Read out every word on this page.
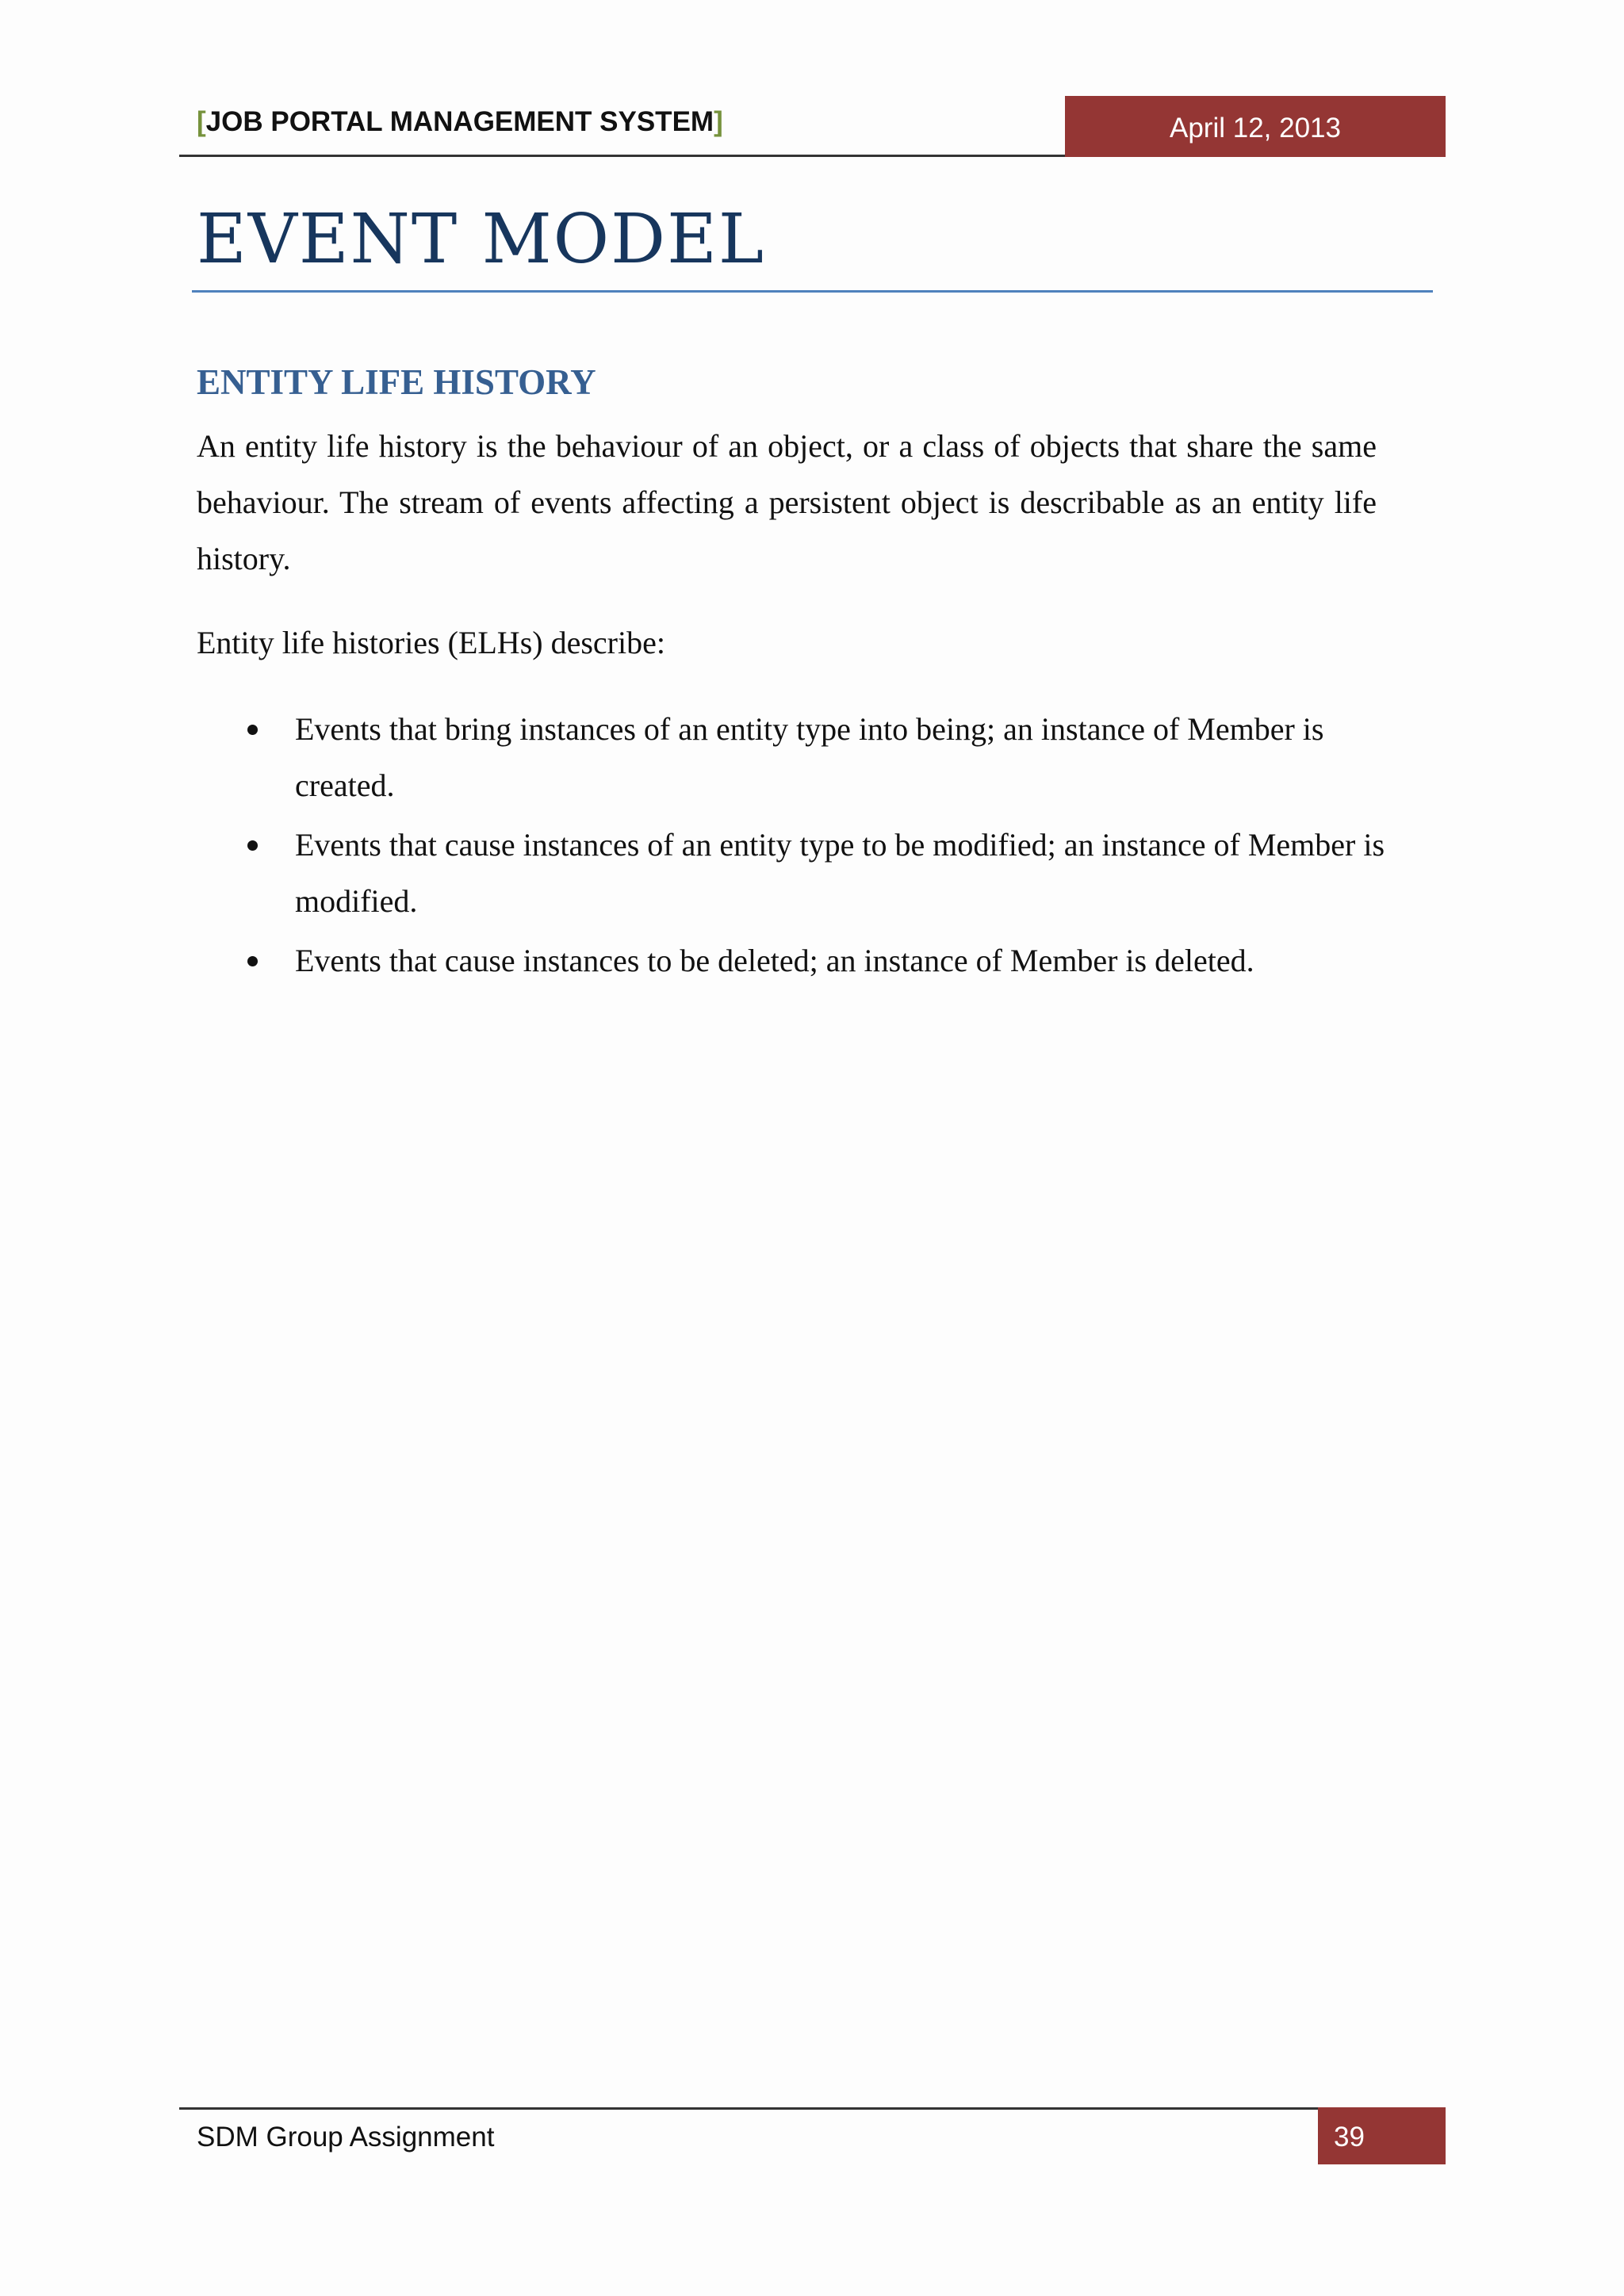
[JOB PORTAL MANAGEMENT SYSTEM]	April 12, 2013
EVENT MODEL
ENTITY LIFE HISTORY

An entity life history is the behaviour of an object, or a class of objects that share the same behaviour. The stream of events affecting a persistent object is describable as an entity life history.

Entity life histories (ELHs) describe:

Events that bring instances of an entity type into being; an instance of Member is created.
Events that cause instances of an entity type to be modified; an instance of Member is modified.
Events that cause instances to be deleted; an instance of Member is deleted.
SDM Group Assignment	39
